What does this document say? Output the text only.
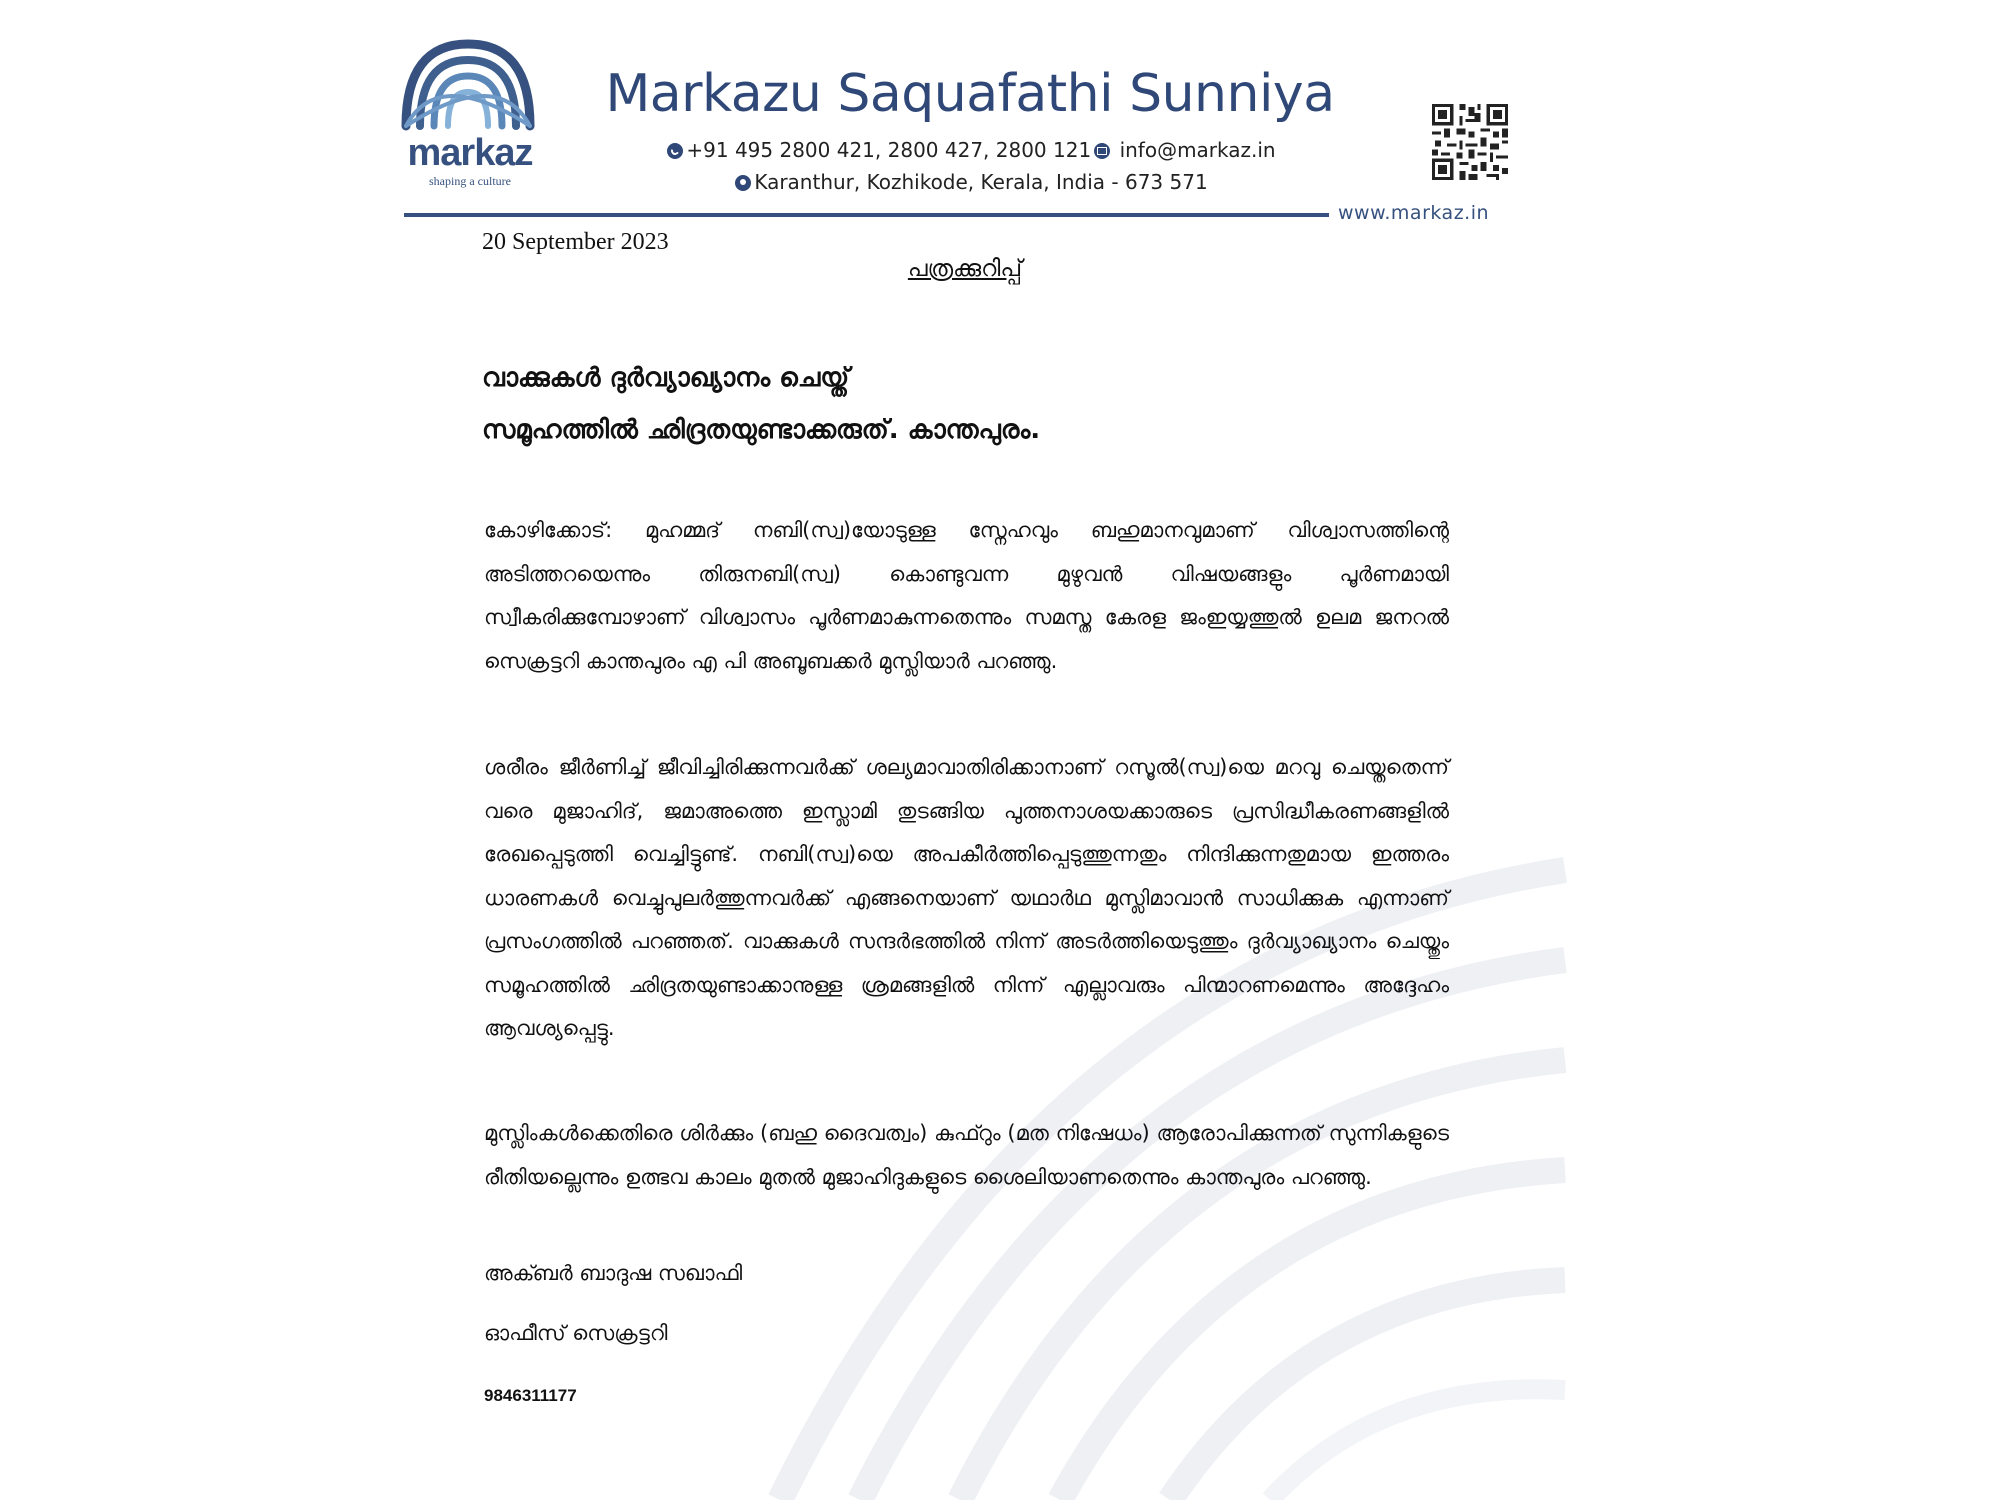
markaz
shaping a culture
Markazu Saquafathi Sunniya
+91 495 2800 421, 2800 427, 2800 121 info@markaz.in
Karanthur, Kozhikode, Kerala, India - 673 571
www.markaz.in
20 September 2023
പത്രക്കുറിപ്പ്
വാക്കുകൾ ദുർവ്യാഖ്യാനം ചെയ്ത്
സമൂഹത്തിൽ ഛിദ്രതയുണ്ടാക്കരുത്. കാന്തപുരം.

കോഴിക്കോട്: മുഹമ്മദ് നബി(സ്വ)യോടുള്ള സ്നേഹവും ബഹുമാനവുമാണ് വിശ്വാസത്തിന്റെ അടിത്തറയെന്നും തിരുനബി(സ്വ) കൊണ്ടുവന്ന മുഴുവൻ വിഷയങ്ങളും പൂർണമായി സ്വീകരിക്കുമ്പോഴാണ് വിശ്വാസം പൂർണമാകുന്നതെന്നും സമസ്ത കേരള ജംഇയ്യത്തുൽ ഉലമ ജനറൽ സെക്രട്ടറി കാന്തപുരം എ പി അബൂബക്കർ മുസ്ലിയാർ പറഞ്ഞു.

ശരീരം ജീർണിച്ച് ജീവിച്ചിരിക്കുന്നവർക്ക് ശല്യമാവാതിരിക്കാനാണ് റസൂൽ(സ്വ)യെ മറവു ചെയ്തതെന്ന് വരെ മുജാഹിദ്, ജമാഅത്തെ ഇസ്ലാമി തുടങ്ങിയ പുത്തനാശയക്കാരുടെ പ്രസിദ്ധീകരണങ്ങളിൽ രേഖപ്പെടുത്തി വെച്ചിട്ടുണ്ട്. നബി(സ്വ)യെ അപകീർത്തിപ്പെടുത്തുന്നതും നിന്ദിക്കുന്നതുമായ ഇത്തരം ധാരണകൾ വെച്ചുപുലർത്തുന്നവർക്ക് എങ്ങനെയാണ് യഥാർഥ മുസ്ലിമാവാൻ സാധിക്കുക എന്നാണ് പ്രസംഗത്തിൽ പറഞ്ഞത്. വാക്കുകൾ സന്ദർഭത്തിൽ നിന്ന് അടർത്തിയെടുത്തും ദുർവ്യാഖ്യാനം ചെയ്തും സമൂഹത്തിൽ ഛിദ്രതയുണ്ടാക്കാനുള്ള ശ്രമങ്ങളിൽ നിന്ന് എല്ലാവരും പിന്മാറണമെന്നും അദ്ദേഹം ആവശ്യപ്പെട്ടു.

മുസ്ലിംകൾക്കെതിരെ ശിർക്കും (ബഹു ദൈവത്വം) കുഫ്റും (മത നിഷേധം) ആരോപിക്കുന്നത് സുന്നികളുടെ രീതിയല്ലെന്നും ഉത്ഭവ കാലം മുതൽ മുജാഹിദുകളുടെ ശൈലിയാണതെന്നും കാന്തപുരം പറഞ്ഞു.

അക്ബർ ബാദുഷ സഖാഫി
ഓഫീസ് സെക്രട്ടറി
9846311177
